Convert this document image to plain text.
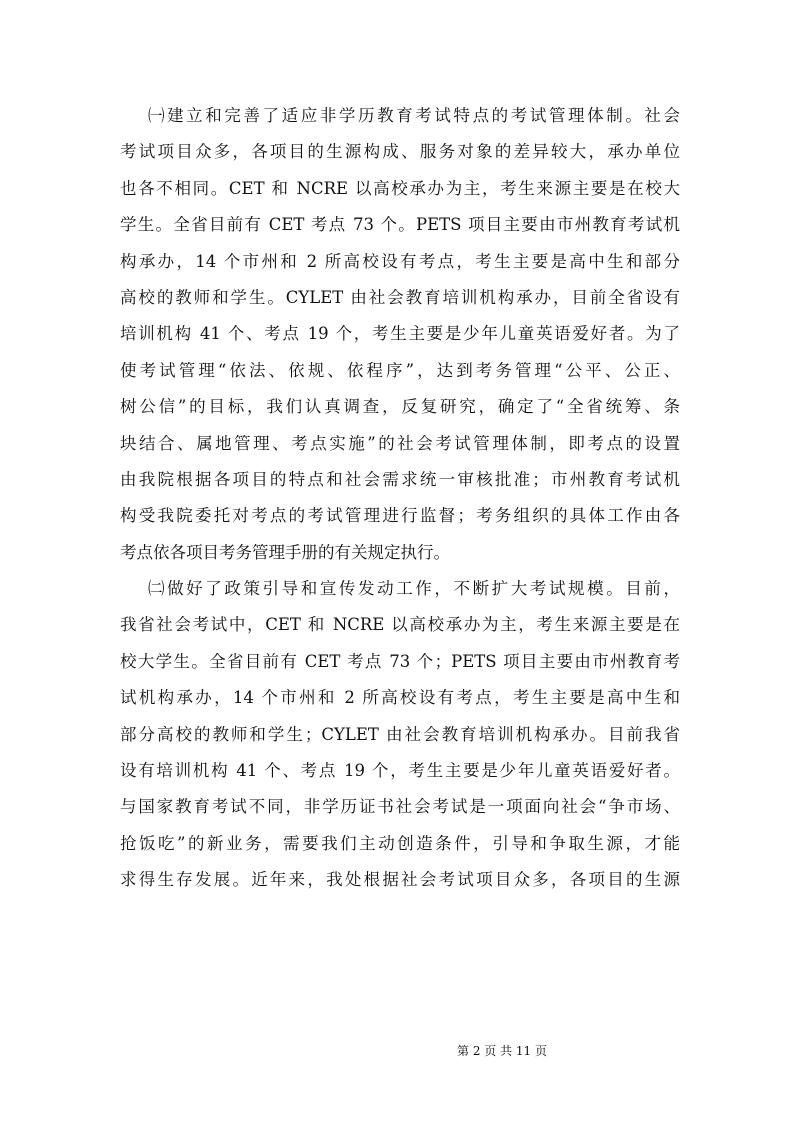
㈠建立和完善了适应非学历教育考试特点的考试管理体制。社会
考试项目众多，各项目的生源构成、服务对象的差异较大，承办单位
也各不相同。CET 和 NCRE 以高校承办为主，考生来源主要是在校大
学生。全省目前有 CET 考点 73 个。PETS 项目主要由市州教育考试机
构承办，14 个市州和 2 所高校设有考点，考生主要是高中生和部分
高校的教师和学生。CYLET 由社会教育培训机构承办，目前全省设有
培训机构 41 个、考点 19 个，考生主要是少年儿童英语爱好者。为了
使考试管理“依法、依规、依程序”，达到考务管理“公平、公正、
树公信”的目标，我们认真调查，反复研究，确定了“全省统筹、条
块结合、属地管理、考点实施”的社会考试管理体制，即考点的设置
由我院根据各项目的特点和社会需求统一审核批准；市州教育考试机
构受我院委托对考点的考试管理进行监督；考务组织的具体工作由各
考点依各项目考务管理手册的有关规定执行。
㈡做好了政策引导和宣传发动工作，不断扩大考试规模。目前，
我省社会考试中，CET 和 NCRE 以高校承办为主，考生来源主要是在
校大学生。全省目前有 CET 考点 73 个；PETS 项目主要由市州教育考
试机构承办，14 个市州和 2 所高校设有考点，考生主要是高中生和
部分高校的教师和学生；CYLET 由社会教育培训机构承办。目前我省
设有培训机构 41 个、考点 19 个，考生主要是少年儿童英语爱好者。
与国家教育考试不同，非学历证书社会考试是一项面向社会“争市场、
抢饭吃”的新业务，需要我们主动创造条件，引导和争取生源，才能
求得生存发展。近年来，我处根据社会考试项目众多，各项目的生源
第 2 页 共 11 页
